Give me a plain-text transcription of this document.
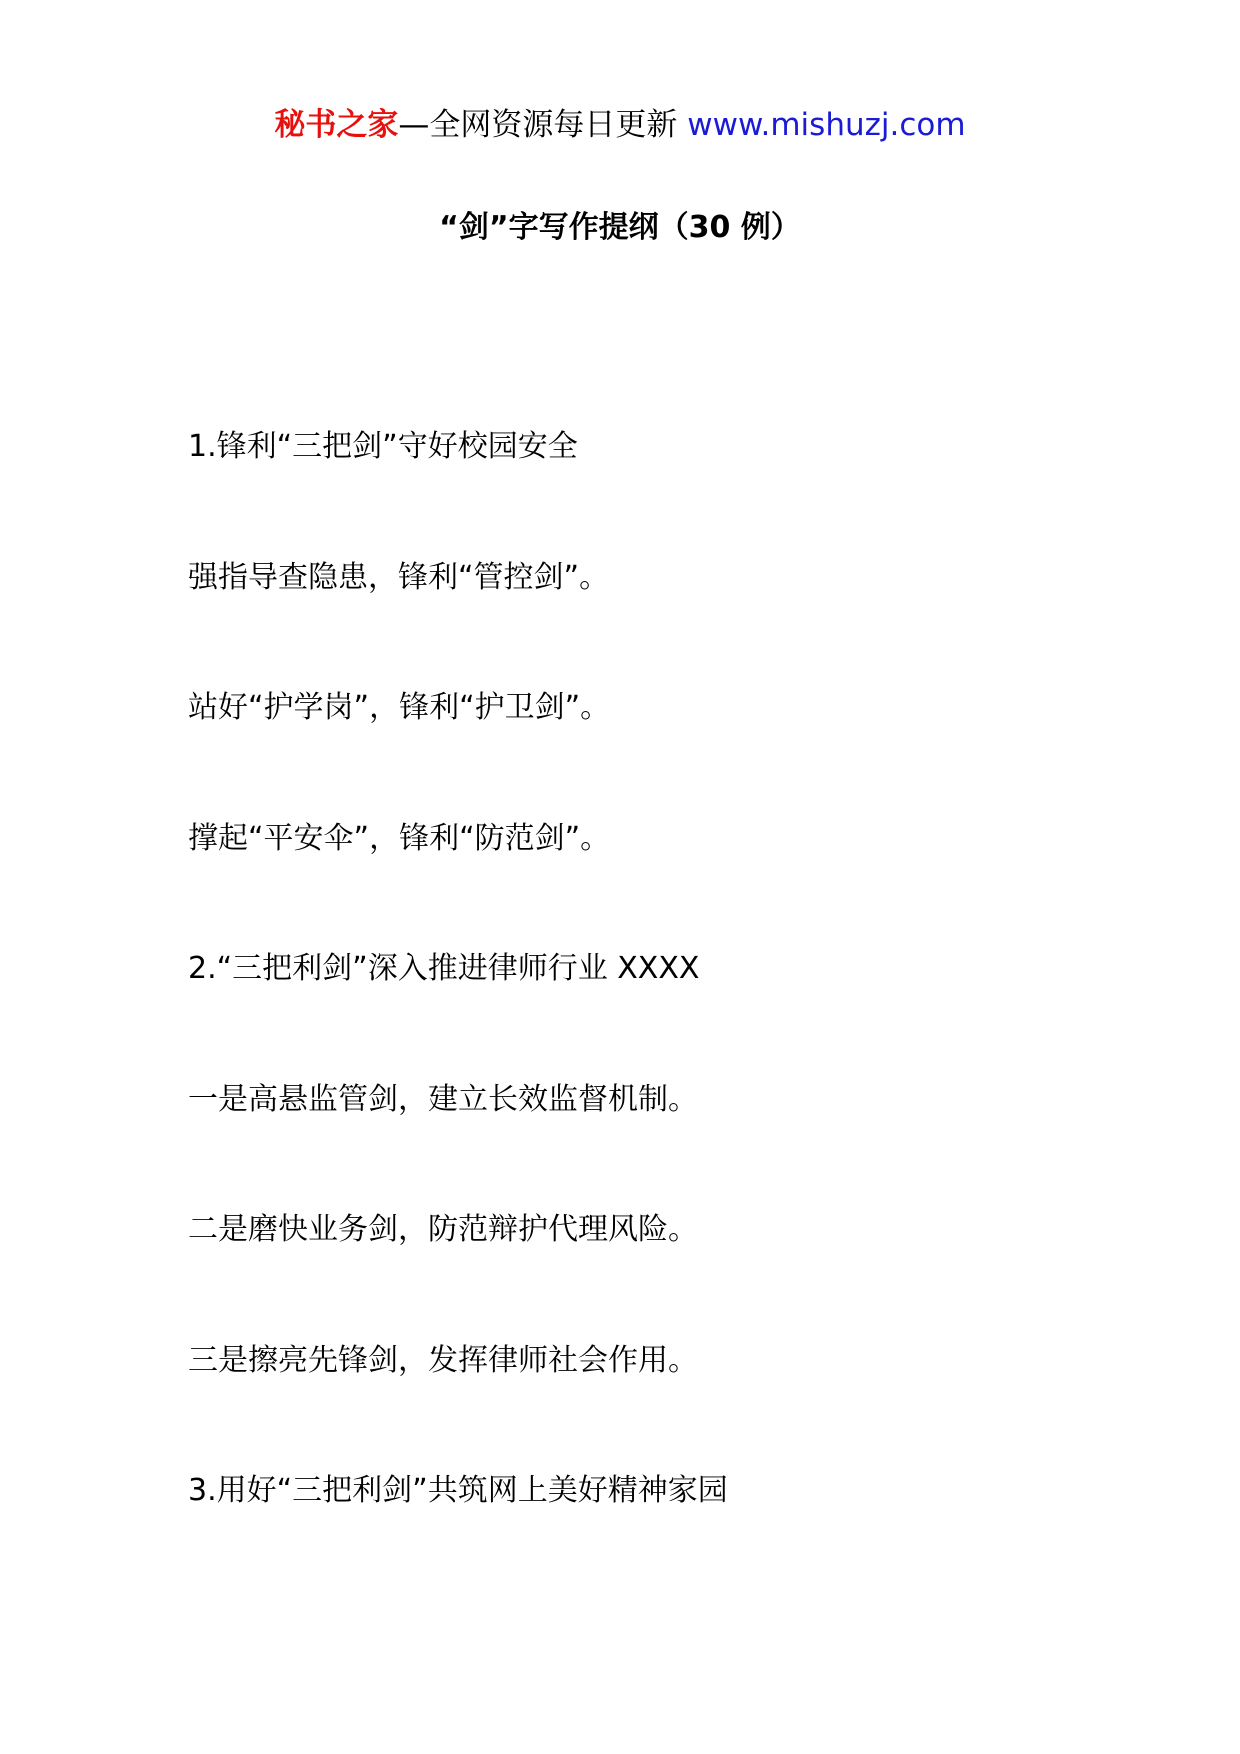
秘书之家—全网资源每日更新 www.mishuzj.com
“剑”字写作提纲（30 例）
1.锋利“三把剑”守好校园安全
强指导查隐患，锋利“管控剑”。
站好“护学岗”，锋利“护卫剑”。
撑起“平安伞”，锋利“防范剑”。
2.“三把利剑”深入推进律师行业 XXXX
一是高悬监管剑，建立长效监督机制。
二是磨快业务剑，防范辩护代理风险。
三是擦亮先锋剑，发挥律师社会作用。
3.用好“三把利剑”共筑网上美好精神家园
